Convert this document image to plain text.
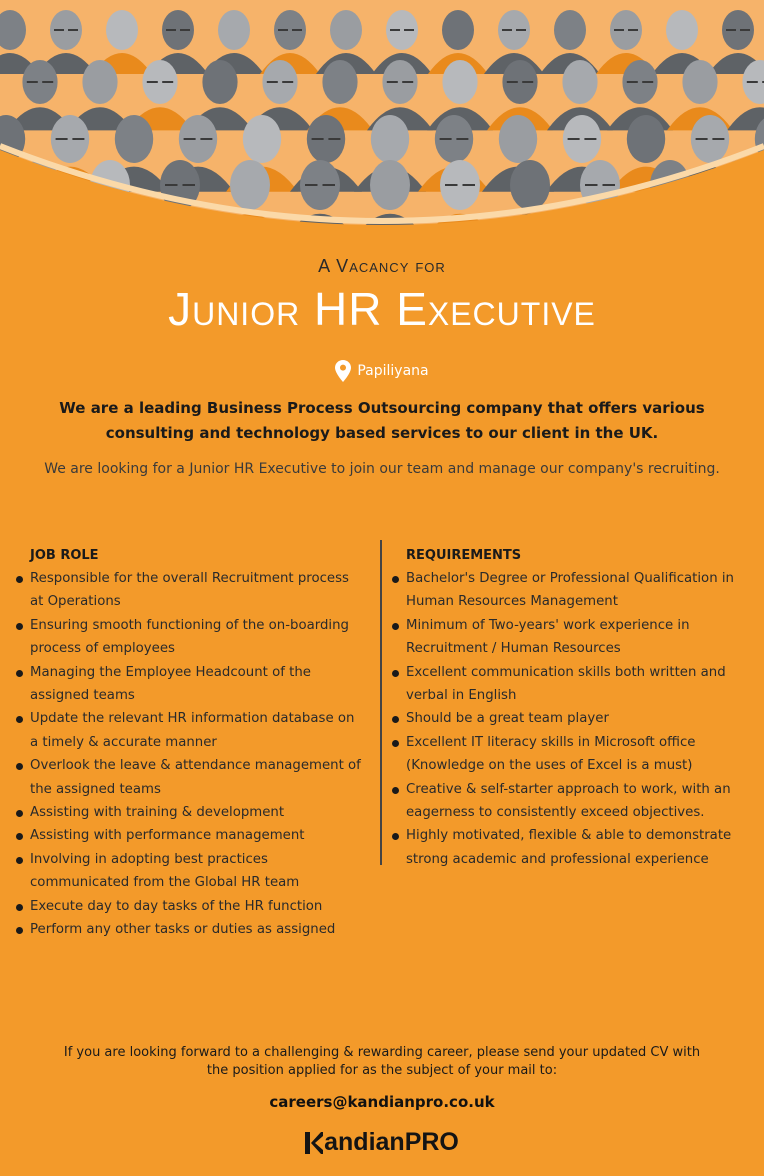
A Vacancy for
Junior HR Executive
Papiliyana
We are a leading Business Process Outsourcing company that offers various consulting and technology based services to our client in the UK.
We are looking for a Junior HR Executive to join our team and manage our company's recruiting.
JOB ROLE
Responsible for the overall Recruitment process at Operations
Ensuring smooth functioning of the on-boarding process of employees
Managing the Employee Headcount of the assigned teams
Update the relevant HR information database on a timely & accurate manner
Overlook the leave & attendance management of the assigned teams
Assisting with training & development
Assisting with performance management
Involving in adopting best practices communicated from the Global HR team
Execute day to day tasks of the HR function
Perform any other tasks or duties as assigned
REQUIREMENTS
Bachelor's Degree or Professional Qualification in Human Resources Management
Minimum of Two-years' work experience in Recruitment / Human Resources
Excellent communication skills both written and verbal in English
Should be a great team player
Excellent IT literacy skills in Microsoft office (Knowledge on the uses of Excel is a must)
Creative & self-starter approach to work, with an eagerness to consistently exceed objectives.
Highly motivated, flexible & able to demonstrate strong academic and professional experience
If you are looking forward to a challenging & rewarding career, please send your updated CV with the position applied for as the subject of your mail to:
careers@kandianpro.co.uk
andianPRO
